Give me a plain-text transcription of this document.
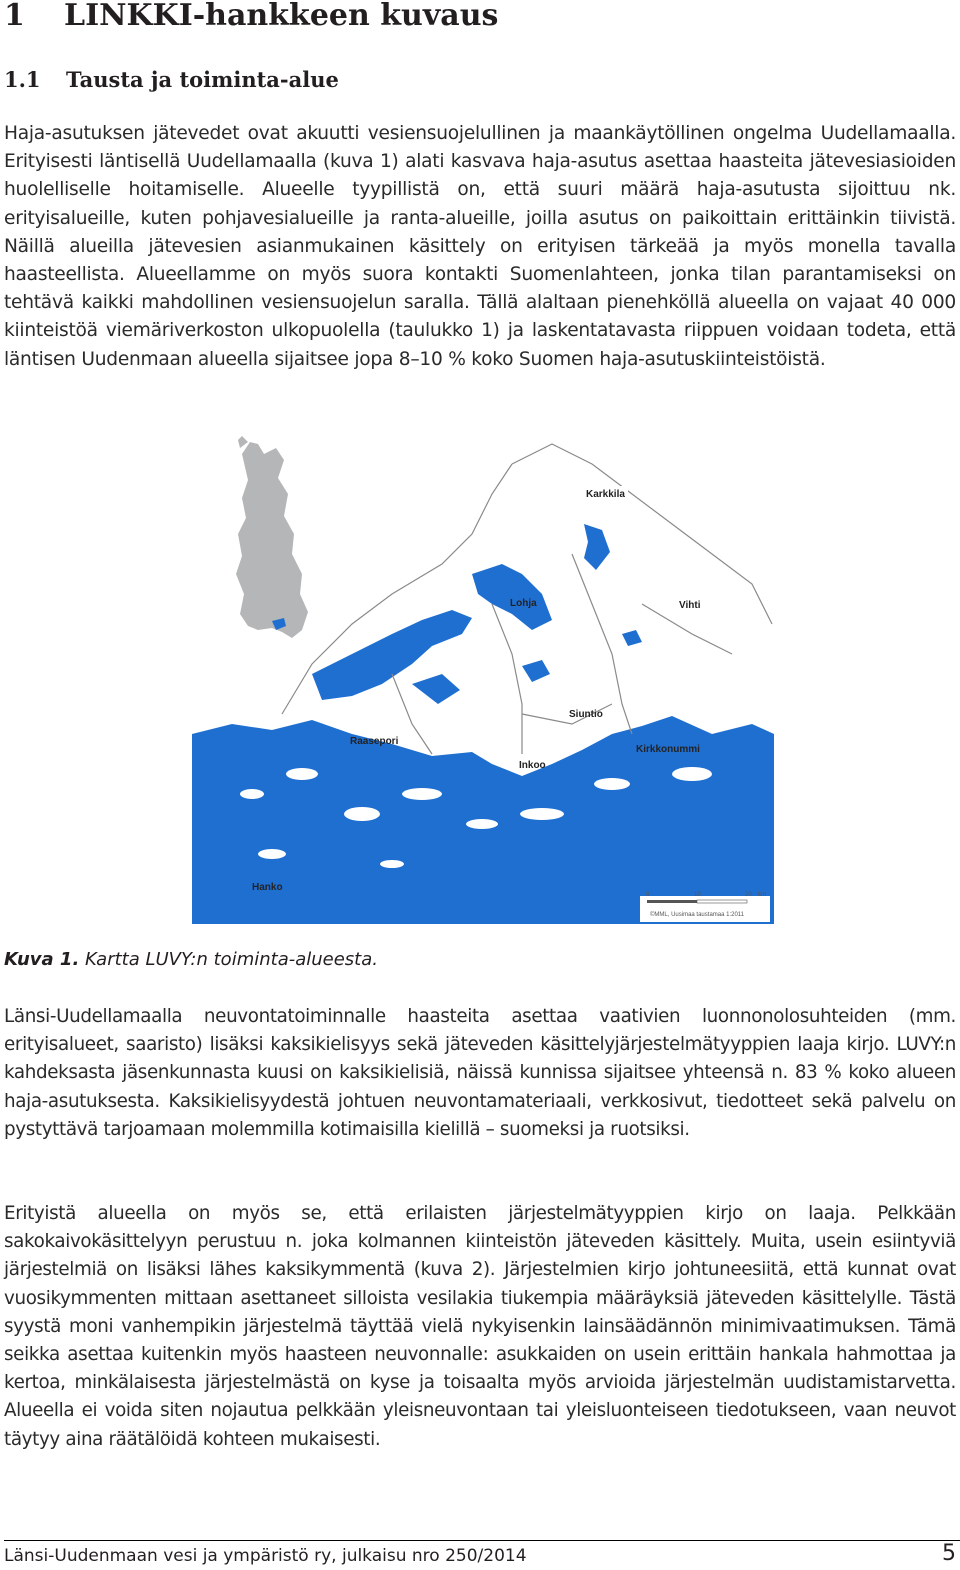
1 LINKKI-hankkeen kuvaus
1.1 Tausta ja toiminta-alue

Haja-asutuksen jätevedet ovat akuutti vesiensuojelullinen ja maankäytöllinen ongelma Uudellamaalla. Erityisesti läntisellä Uudellamaalla (kuva 1) alati kasvava haja-asutus asettaa haasteita jätevesiasioiden huolelliselle hoitamiselle. Alueelle tyypillistä on, että suuri määrä haja-asutusta sijoittuu nk. erityisalueille, kuten pohjavesialueille ja ranta-alueille, joilla asutus on paikoittain erittäinkin tiivistä. Näillä alueilla jätevesien asianmukainen käsittely on erityisen tärkeää ja myös monella tavalla haasteellista. Alueellamme on myös suora kontakti Suomenlahteen, jonka tilan parantamiseksi on tehtävä kaikki mahdollinen vesiensuojelun saralla. Tällä alaltaan pienehköllä alueella on vajaat 40 000 kiinteistöä viemäriverkoston ulkopuolella (taulukko 1) ja laskentatavasta riippuen voidaan todeta, että läntisen Uudenmaan alueella sijaitsee jopa 8–10 % koko Suomen haja-asutuskiinteistöistä.

Karkkila
Lohja	Vihti
Siuntio
Raasepori
Kirkkonummi
Inkoo
Hanko
0	10	20 km
©MML, Uusimaa taustamaa 1:2011
Kuva 1. Kartta LUVY:n toiminta-alueesta.

Länsi-Uudellamaalla neuvontatoiminnalle haasteita asettaa vaativien luonnonolosuhteiden (mm. erityisalueet, saaristo) lisäksi kaksikielisyys sekä jäteveden käsittelyjärjestelmätyyppien laaja kirjo. LUVY:n kahdeksasta jäsenkunnasta kuusi on kaksikielisiä, näissä kunnissa sijaitsee yhteensä n. 83 % koko alueen haja-asutuksesta. Kaksikielisyydestä johtuen neuvontamateriaali, verkkosivut, tiedotteet sekä palvelu on pystyttävä tarjoamaan molemmilla kotimaisilla kielillä – suomeksi ja ruotsiksi.

Erityistä alueella on myös se, että erilaisten järjestelmätyyppien kirjo on laaja. Pelkkään sakokaivokäsittelyyn perustuu n. joka kolmannen kiinteistön jäteveden käsittely. Muita, usein esiintyviä järjestelmiä on lisäksi lähes kaksikymmentä (kuva 2). Järjestelmien kirjo johtuneesiitä, että kunnat ovat vuosikymmenten mittaan asettaneet silloista vesilakia tiukempia määräyksiä jäteveden käsittelylle. Tästä syystä moni vanhempikin järjestelmä täyttää vielä nykyisenkin lainsäädännön minimivaatimuksen. Tämä seikka asettaa kuitenkin myös haasteen neuvonnalle: asukkaiden on usein erittäin hankala hahmottaa ja kertoa, minkälaisesta järjestelmästä on kyse ja toisaalta myös arvioida järjestelmän uudistamistarvetta. Alueella ei voida siten nojautua pelkkään yleisneuvontaan tai yleisluonteiseen tiedotukseen, vaan neuvot täytyy aina räätälöidä kohteen mukaisesti.

Länsi-Uudenmaan vesi ja ympäristö ry, julkaisu nro 250/2014	5
